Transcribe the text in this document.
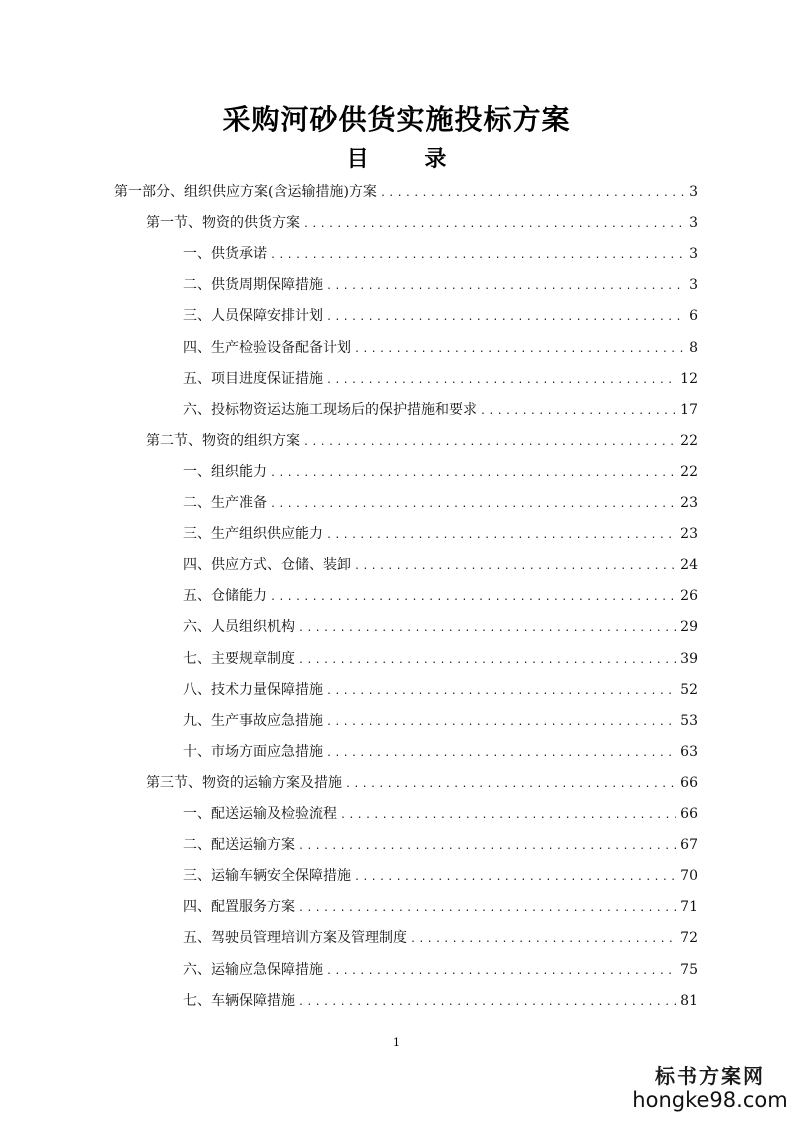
采购河砂供货实施投标方案
目 录
第一部分、组织供应方案(含运输措施)方案 .....	3
第一节、物资的供货方案 .....	3
一、供货承诺 .....	3
二、供货周期保障措施 .....	3
三、人员保障安排计划 .....	6
四、生产检验设备配备计划 .....	8
五、项目进度保证措施 .....	12
六、投标物资运达施工现场后的保护措施和要求 .....	17
第二节、物资的组织方案 .....	22
一、组织能力 .....	22
二、生产准备 .....	23
三、生产组织供应能力 .....	23
四、供应方式、仓储、装卸 .....	24
五、仓储能力 .....	26
六、人员组织机构 .....	29
七、主要规章制度 .....	39
八、技术力量保障措施 .....	52
九、生产事故应急措施 .....	53
十、市场方面应急措施 .....	63
第三节、物资的运输方案及措施 .....	66
一、配送运输及检验流程 .....	66
二、配送运输方案 .....	67
三、运输车辆安全保障措施 .....	70
四、配置服务方案 .....	71
五、驾驶员管理培训方案及管理制度 .....	72
六、运输应急保障措施 .....	75
七、车辆保障措施 .....	81
1
标书方案网
hongke98.com
